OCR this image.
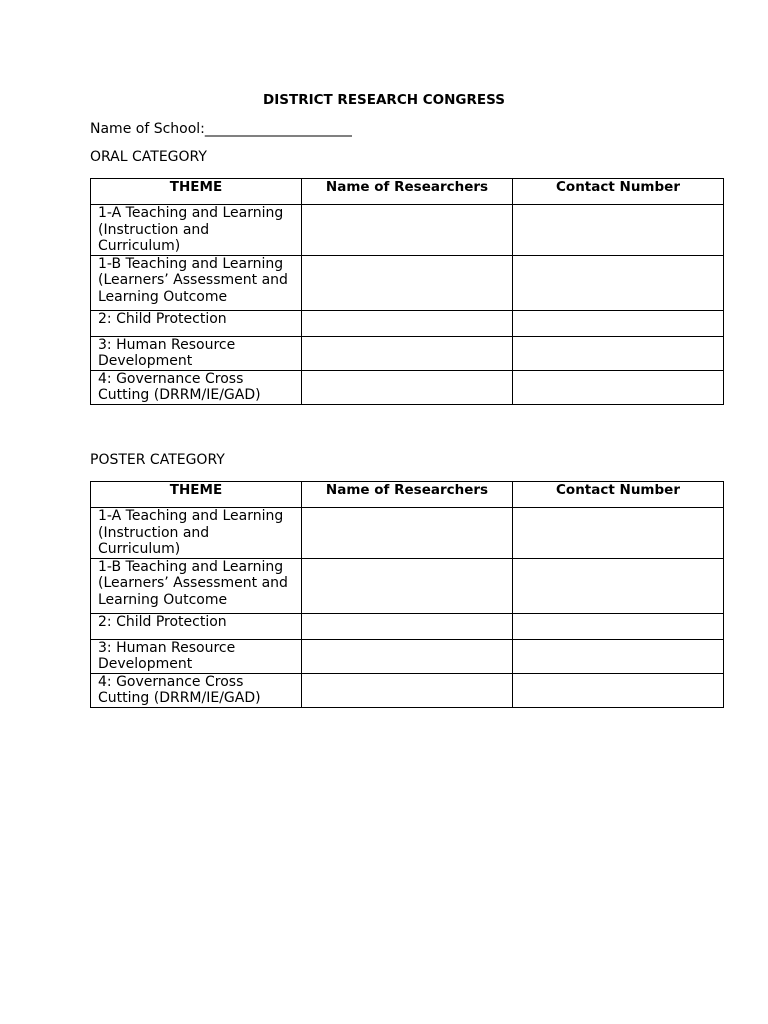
DISTRICT RESEARCH CONGRESS
Name of School:_____________________
ORAL CATEGORY
THEME	Name of Researchers	Contact Number
1-A Teaching and Learning
(Instruction and Curriculum)		
1-B Teaching and Learning
(Learners’ Assessment and
Learning Outcome		
2: Child Protection		
3: Human Resource
Development		
4: Governance Cross
Cutting (DRRM/IE/GAD)		
POSTER CATEGORY
THEME	Name of Researchers	Contact Number
1-A Teaching and Learning
(Instruction and Curriculum)		
1-B Teaching and Learning
(Learners’ Assessment and
Learning Outcome		
2: Child Protection		
3: Human Resource
Development		
4: Governance Cross
Cutting (DRRM/IE/GAD)		
